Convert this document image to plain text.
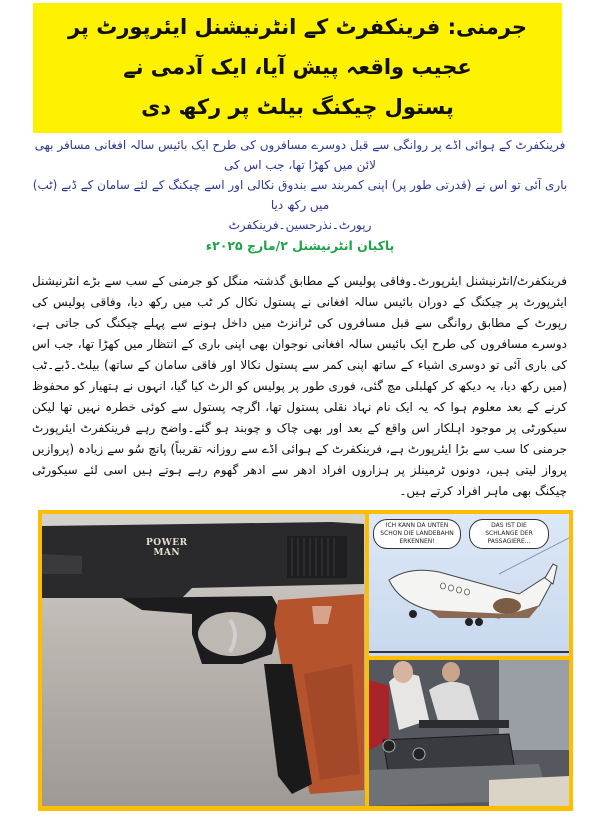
جرمنی: فرینکفرٹ کے انٹرنیشنل ایئرپورٹ پر عجیب واقعہ پیش آیا، ایک آدمی نے
پستول چیکنگ بیلٹ پر رکھ دی
فرینکفرٹ کے ہوائی اڈے پر روانگی سے قبل دوسرے مسافروں کی طرح ایک بائیس سالہ افغانی مسافر بھی لائن میں کھڑا تھا، جب اس کی
باری آئی تو اس نے (قدرتی طور پر) اپنی کمربند سے بندوق نکالی اور اسے چیکنگ کے لئے سامان کے ڈبے (ٹب) میں رکھ دیا
رپورٹ۔نذرحسین۔فرینکفرٹ
پاکبان انٹرنیشنل ۲/مارچ ۲۰۲۵ء

فرینکفرٹ/انٹرنیشنل ایئرپورٹ۔وفاقی پولیس کے مطابق گذشتہ منگل کو جرمنی کے سب سے بڑے انٹرنیشنل ایئرپورٹ پر چیکنگ کے دوران بائیس سالہ افغانی نے پستول نکال کر ٹب میں رکھ دیا، وفاقی پولیس کی رپورٹ کے مطابق روانگی سے قبل مسافروں کی ٹرانزٹ میں داخل ہونے سے پہلے چیکنگ کی جاتی ہے، دوسرے مسافروں کی طرح ایک بائیس سالہ افغانی نوجوان بھی اپنی باری کے انتظار میں کھڑا تھا، جب اس کی باری آئی تو دوسری اشیاء کے ساتھ اپنی کمر سے پستول نکالا اور فاقی سامان کے ساتھ) بیلٹ۔ڈبے۔ٹب (میں رکھ دیا، یہ دیکھ کر کھلبلی مچ گئی، فوری طور پر پولیس کو الرٹ کیا گیا، انہوں نے ہتھیار کو محفوظ کرنے کے بعد معلوم ہوا کہ یہ ایک نام نہاد نقلی پستول تھا، اگرچہ پستول سے کوئی خطرہ نہیں تھا لیکن سیکورٹی پر موجود اہلکار اس واقع کے بعد اور بھی چاک و چوبند ہو گئے۔واضح رہے فرینکفرٹ ایئرپورٹ جرمنی کا سب سے بڑا ایئرپورٹ ہے، فرینکفرٹ کے ہوائی اڈے سے روزانہ تقریباً) پانچ سُو سے زیادہ (پروازیں پرواز لیتی ہیں، دونوں ٹرمینلز پر ہزاروں افراد ادھر سے ادھر گھوم رہے ہوتے ہیں اسی لئے سیکورٹی چیکنگ بھی ماہر افراد کرتے ہیں۔

POWER
MAN
ICH KANN DA UNTEN SCHON DIE LANDEBAHN ERKENNEN!
DAS IST DIE SCHLANGE DER PASSAGIERE...
